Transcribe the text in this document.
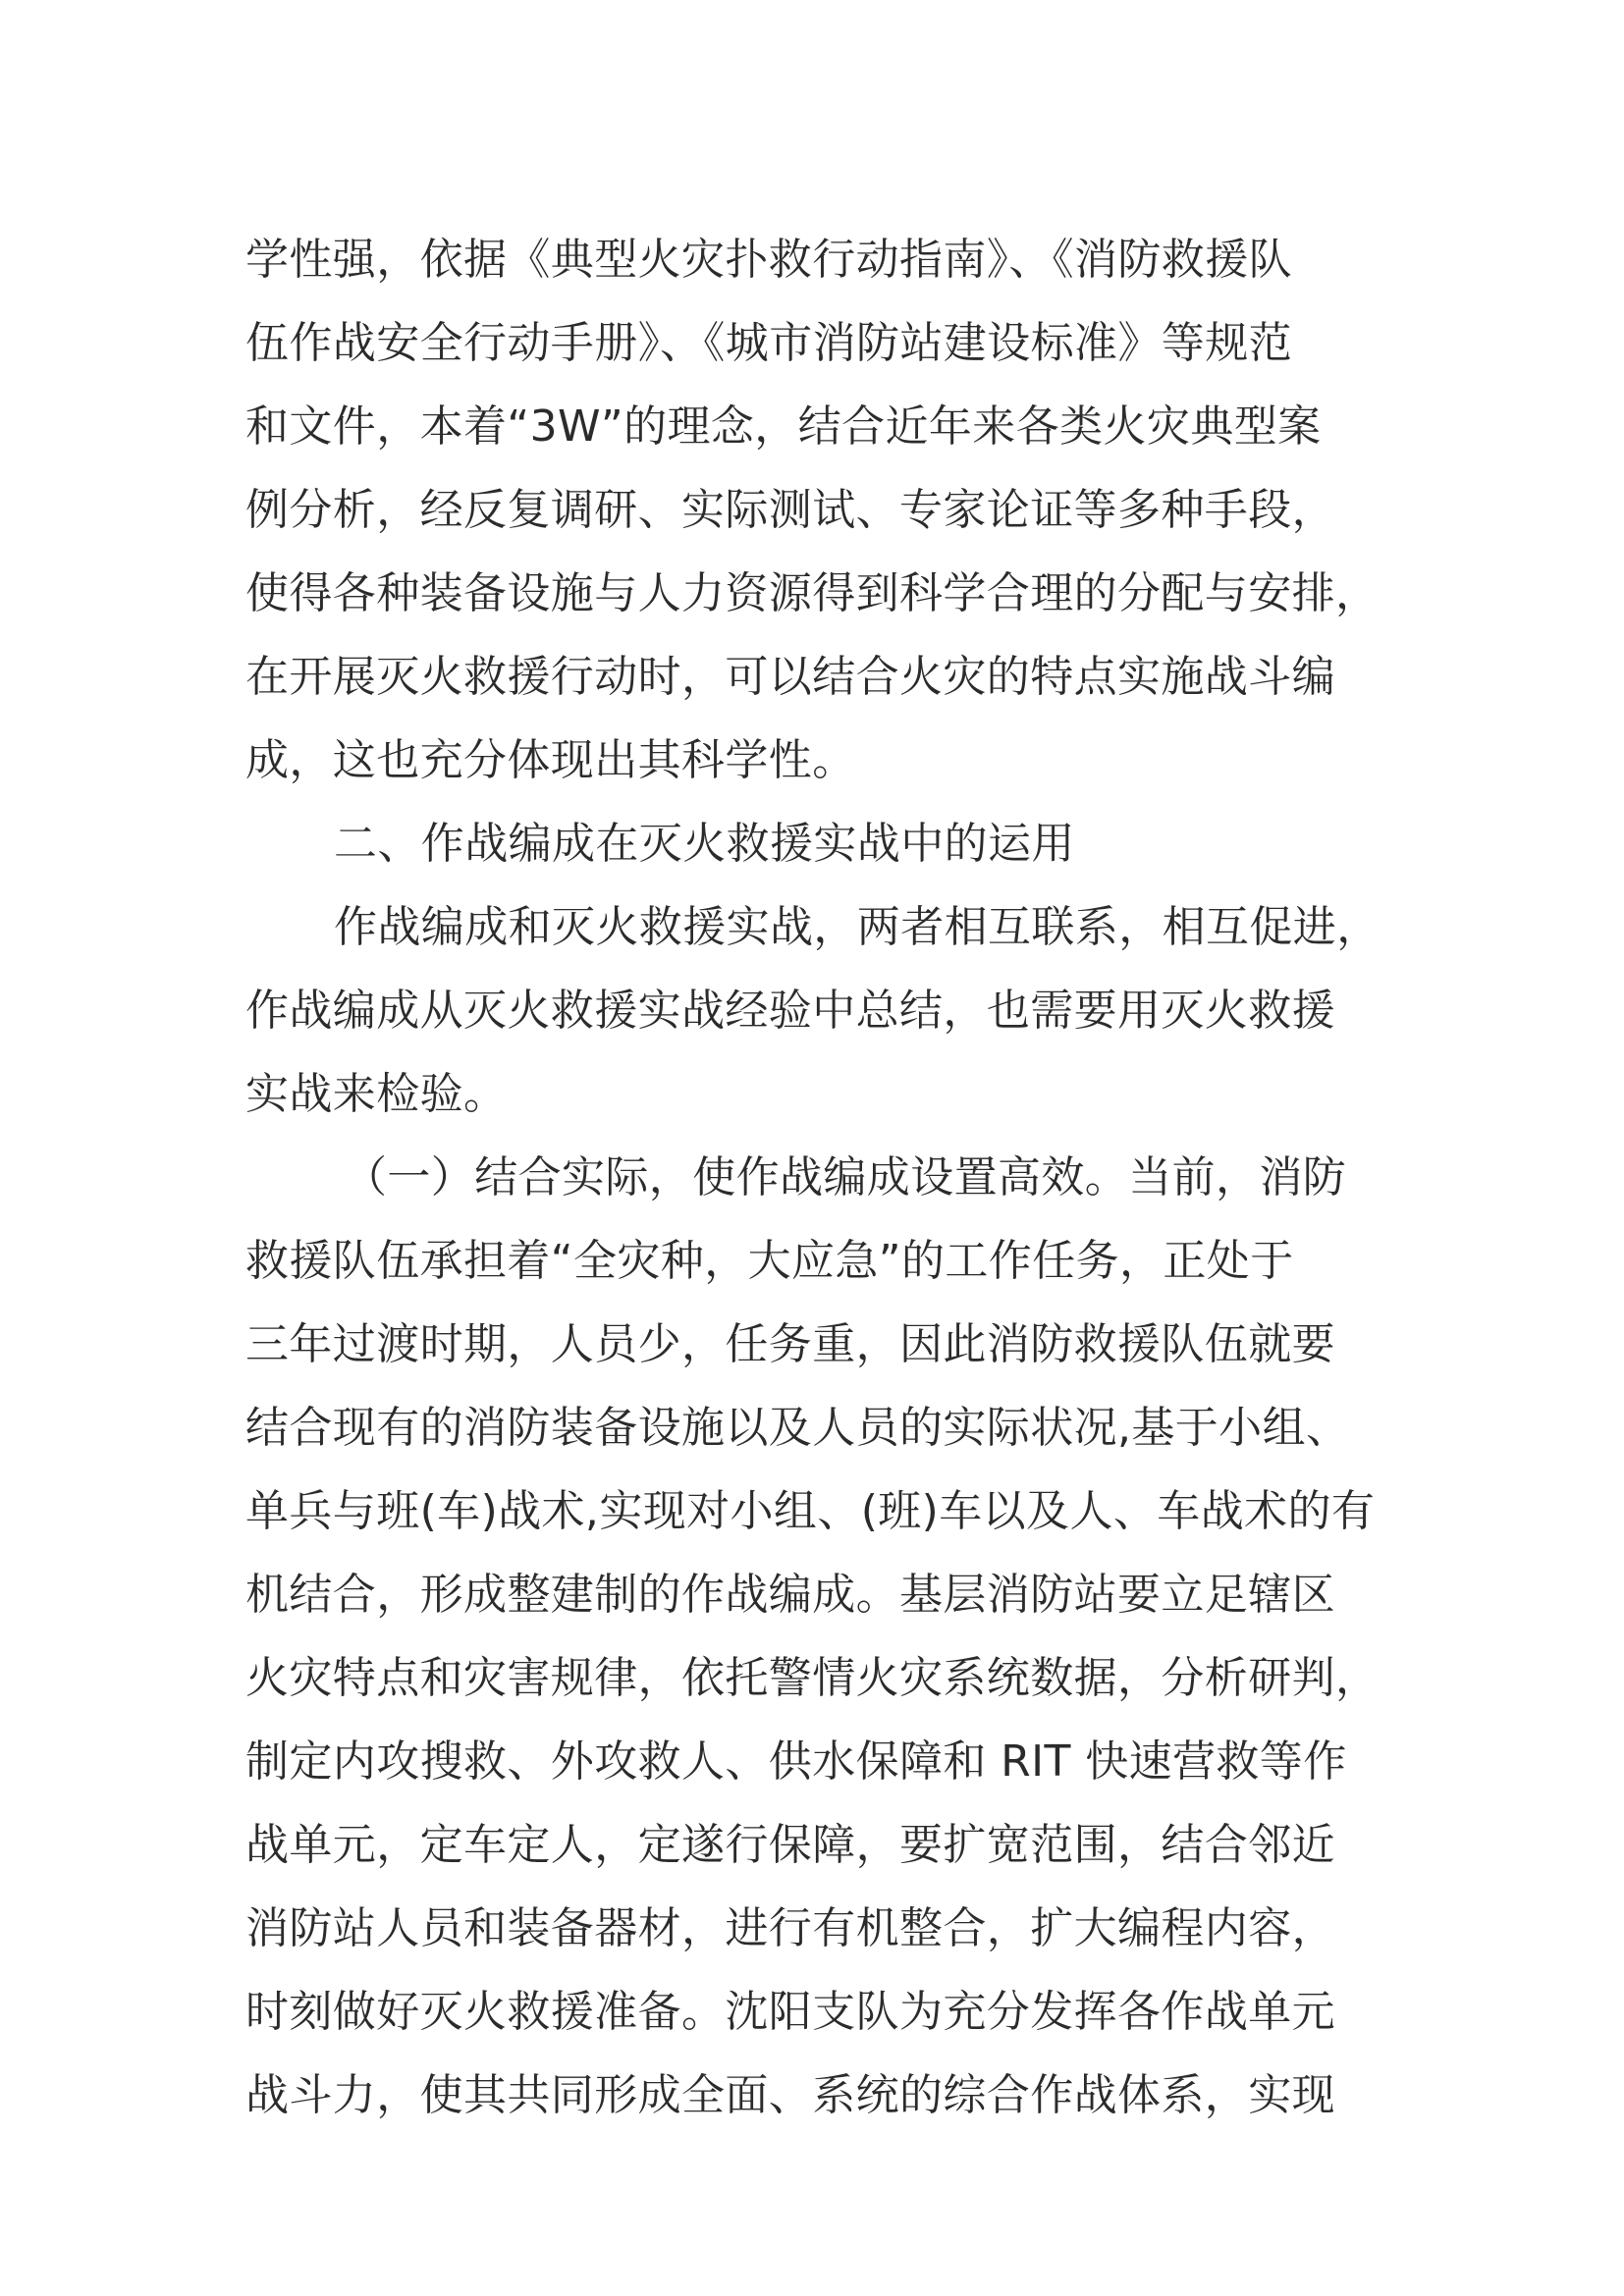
学性强，依据《典型火灾扑救行动指南》、《消防救援队
伍作战安全行动手册》、《城市消防站建设标准》等规范
和文件，本着“3W”的理念，结合近年来各类火灾典型案
例分析，经反复调研、实际测试、专家论证等多种手段，
使得各种装备设施与人力资源得到科学合理的分配与安排，
在开展灭火救援行动时，可以结合火灾的特点实施战斗编
成，这也充分体现出其科学性。
二、作战编成在灭火救援实战中的运用
作战编成和灭火救援实战，两者相互联系，相互促进，
作战编成从灭火救援实战经验中总结，也需要用灭火救援
实战来检验。
（一）结合实际，使作战编成设置高效。当前，消防
救援队伍承担着“全灾种，大应急”的工作任务，正处于
三年过渡时期，人员少，任务重，因此消防救援队伍就要
结合现有的消防装备设施以及人员的实际状况,基于小组、
单兵与班(车)战术,实现对小组、(班)车以及人、车战术的有
机结合，形成整建制的作战编成。基层消防站要立足辖区
火灾特点和灾害规律，依托警情火灾系统数据，分析研判，
制定内攻搜救、外攻救人、供水保障和 RIT 快速营救等作
战单元，定车定人，定遂行保障，要扩宽范围，结合邻近
消防站人员和装备器材，进行有机整合，扩大编程内容，
时刻做好灭火救援准备。沈阳支队为充分发挥各作战单元
战斗力，使其共同形成全面、系统的综合作战体系，实现
